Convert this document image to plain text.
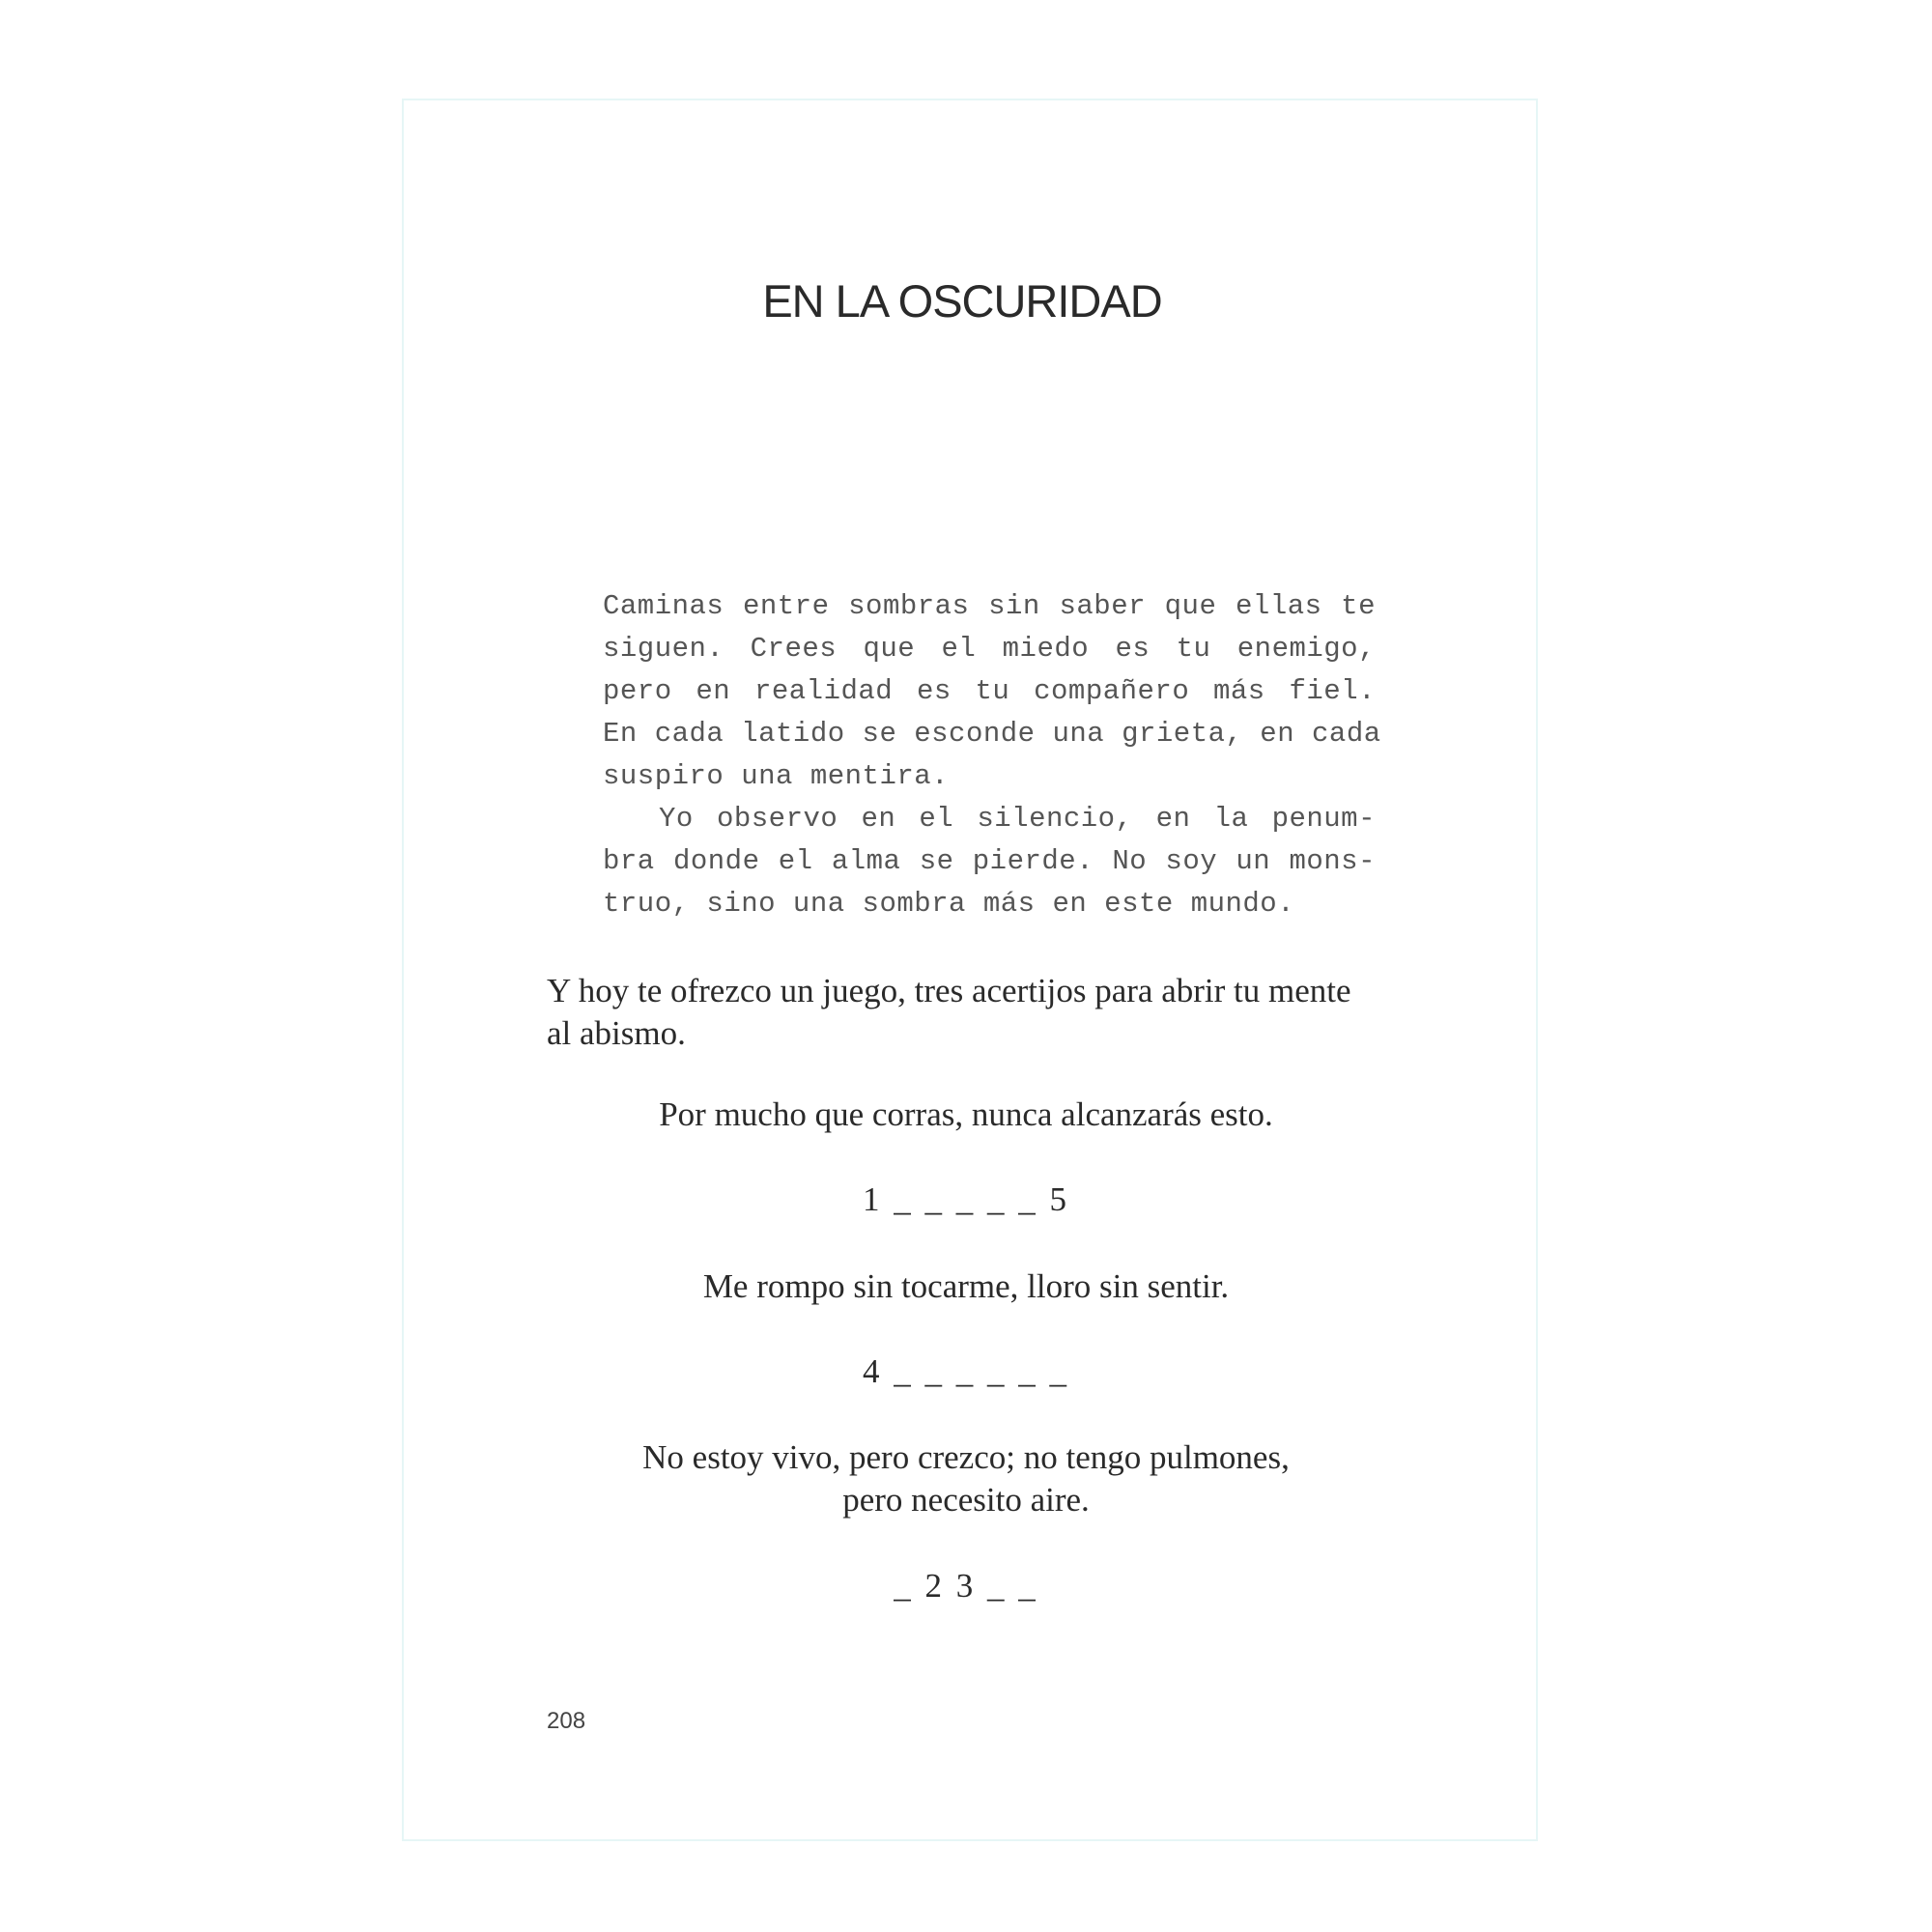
EN LA OSCURIDAD
Caminas entre sombras sin saber que ellas te
siguen. Crees que el miedo es tu enemigo,
pero en realidad es tu compañero más fiel.
En cada latido se esconde una grieta, en cada
suspiro una mentira.
Yo observo en el silencio, en la penum-
bra donde el alma se pierde. No soy un mons-
truo, sino una sombra más en este mundo.
Y hoy te ofrezco un juego, tres acertijos para abrir tu mente al abismo.
Por mucho que corras, nunca alcanzarás esto.
1 _ _ _ _ _ 5
Me rompo sin tocarme, lloro sin sentir.
4 _ _ _ _ _ _
No estoy vivo, pero crezco; no tengo pulmones,
pero necesito aire.
_ 2 3 _ _
208
